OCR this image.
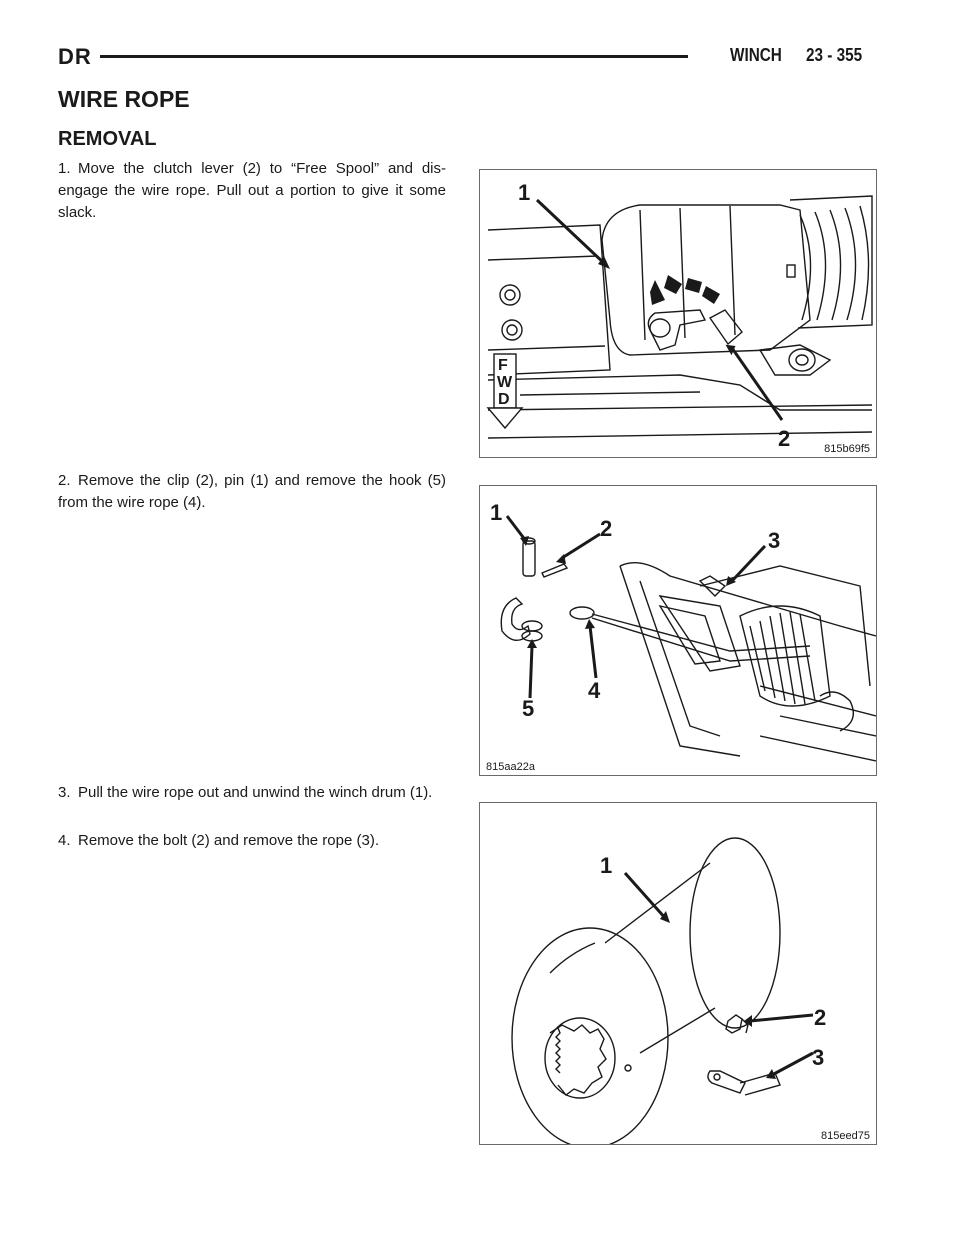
DR	WINCH 23 - 355
WIRE ROPE
REMOVAL

1. Move the clutch lever (2) to “Free Spool” and dis- engage the wire rope. Pull out a portion to give it some slack.

2. Remove the clip (2), pin (1) and remove the hook (5) from the wire rope (4).

3. Pull the wire rope out and unwind the winch drum (1).

4. Remove the bolt (2) and remove the rope (3).

1
2
F
W
D
815b69f5
1
2	3
4
5
815aa22a
1
2
3
815eed75
